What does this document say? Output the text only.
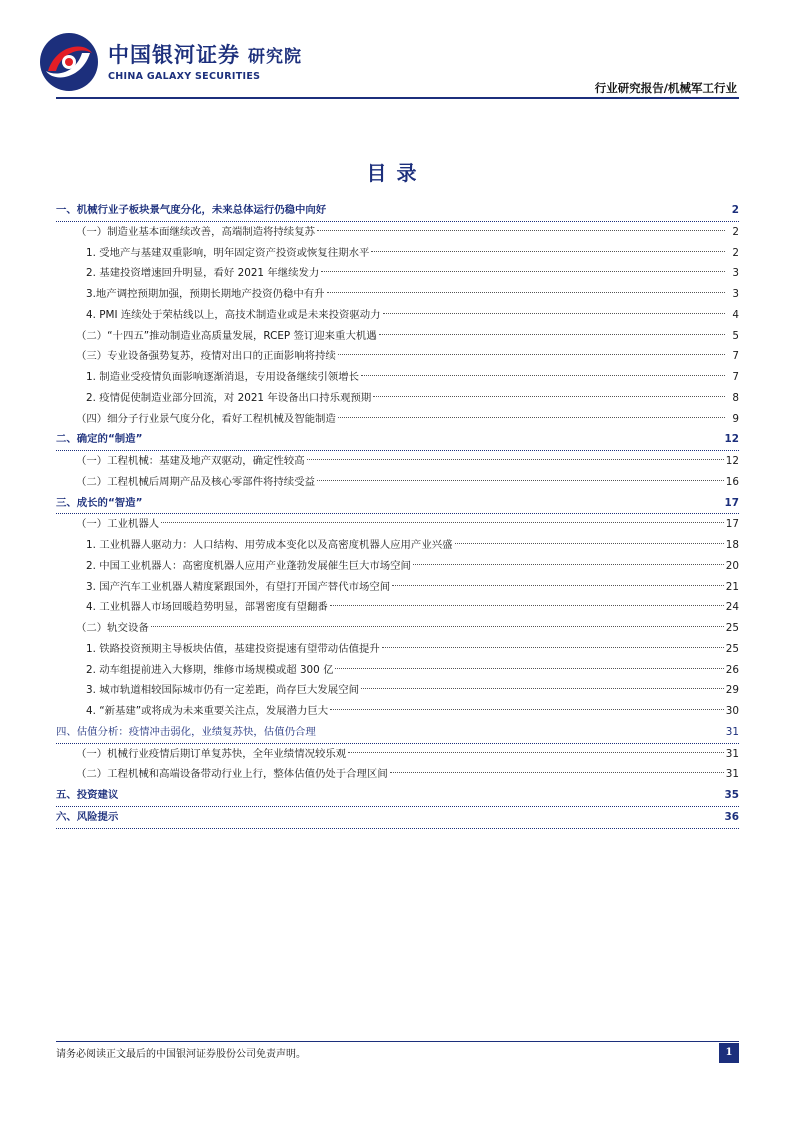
中国银河证券 研究院
CHINA GALAXY SECURITIES
行业研究报告/机械军工行业
目录
一、机械行业子板块景气度分化，未来总体运行仍稳中向好	2
（一）制造业基本面继续改善，高端制造将持续复苏	2
1. 受地产与基建双重影响，明年固定资产投资或恢复往期水平	2
2. 基建投资增速回升明显，看好 2021 年继续发力	3
3.地产调控预期加强，预期长期地产投资仍稳中有升	3
4. PMI 连续处于荣枯线以上，高技术制造业或是未来投资驱动力	4
（二）“十四五”推动制造业高质量发展，RCEP 签订迎来重大机遇	5
（三）专业设备强势复苏，疫情对出口的正面影响将持续	7
1. 制造业受疫情负面影响逐渐消退，专用设备继续引领增长	7
2. 疫情促使制造业部分回流，对 2021 年设备出口持乐观预期	8
（四）细分子行业景气度分化，看好工程机械及智能制造	9
二、确定的“制造”	12
（一）工程机械：基建及地产双驱动，确定性较高	12
（二）工程机械后周期产品及核心零部件将持续受益	16
三、成长的“智造”	17
（一）工业机器人	17
1. 工业机器人驱动力：人口结构、用劳成本变化以及高密度机器人应用产业兴盛	18
2. 中国工业机器人：高密度机器人应用产业蓬勃发展催生巨大市场空间	20
3. 国产汽车工业机器人精度紧跟国外，有望打开国产替代市场空间	21
4. 工业机器人市场回暖趋势明显，部署密度有望翻番	24
（二）轨交设备	25
1. 铁路投资预期主导板块估值，基建投资提速有望带动估值提升	25
2. 动车组提前进入大修期，维修市场规模或超 300 亿	26
3. 城市轨道相较国际城市仍有一定差距，尚存巨大发展空间	29
4. “新基建”或将成为未来重要关注点，发展潜力巨大	30
四、估值分析：疫情冲击弱化，业绩复苏快，估值仍合理	31
（一）机械行业疫情后期订单复苏快，全年业绩情况较乐观	31
（二）工程机械和高端设备带动行业上行，整体估值仍处于合理区间	31
五、投资建议	35
六、风险提示	36
请务必阅读正文最后的中国银河证券股份公司免责声明。	1
